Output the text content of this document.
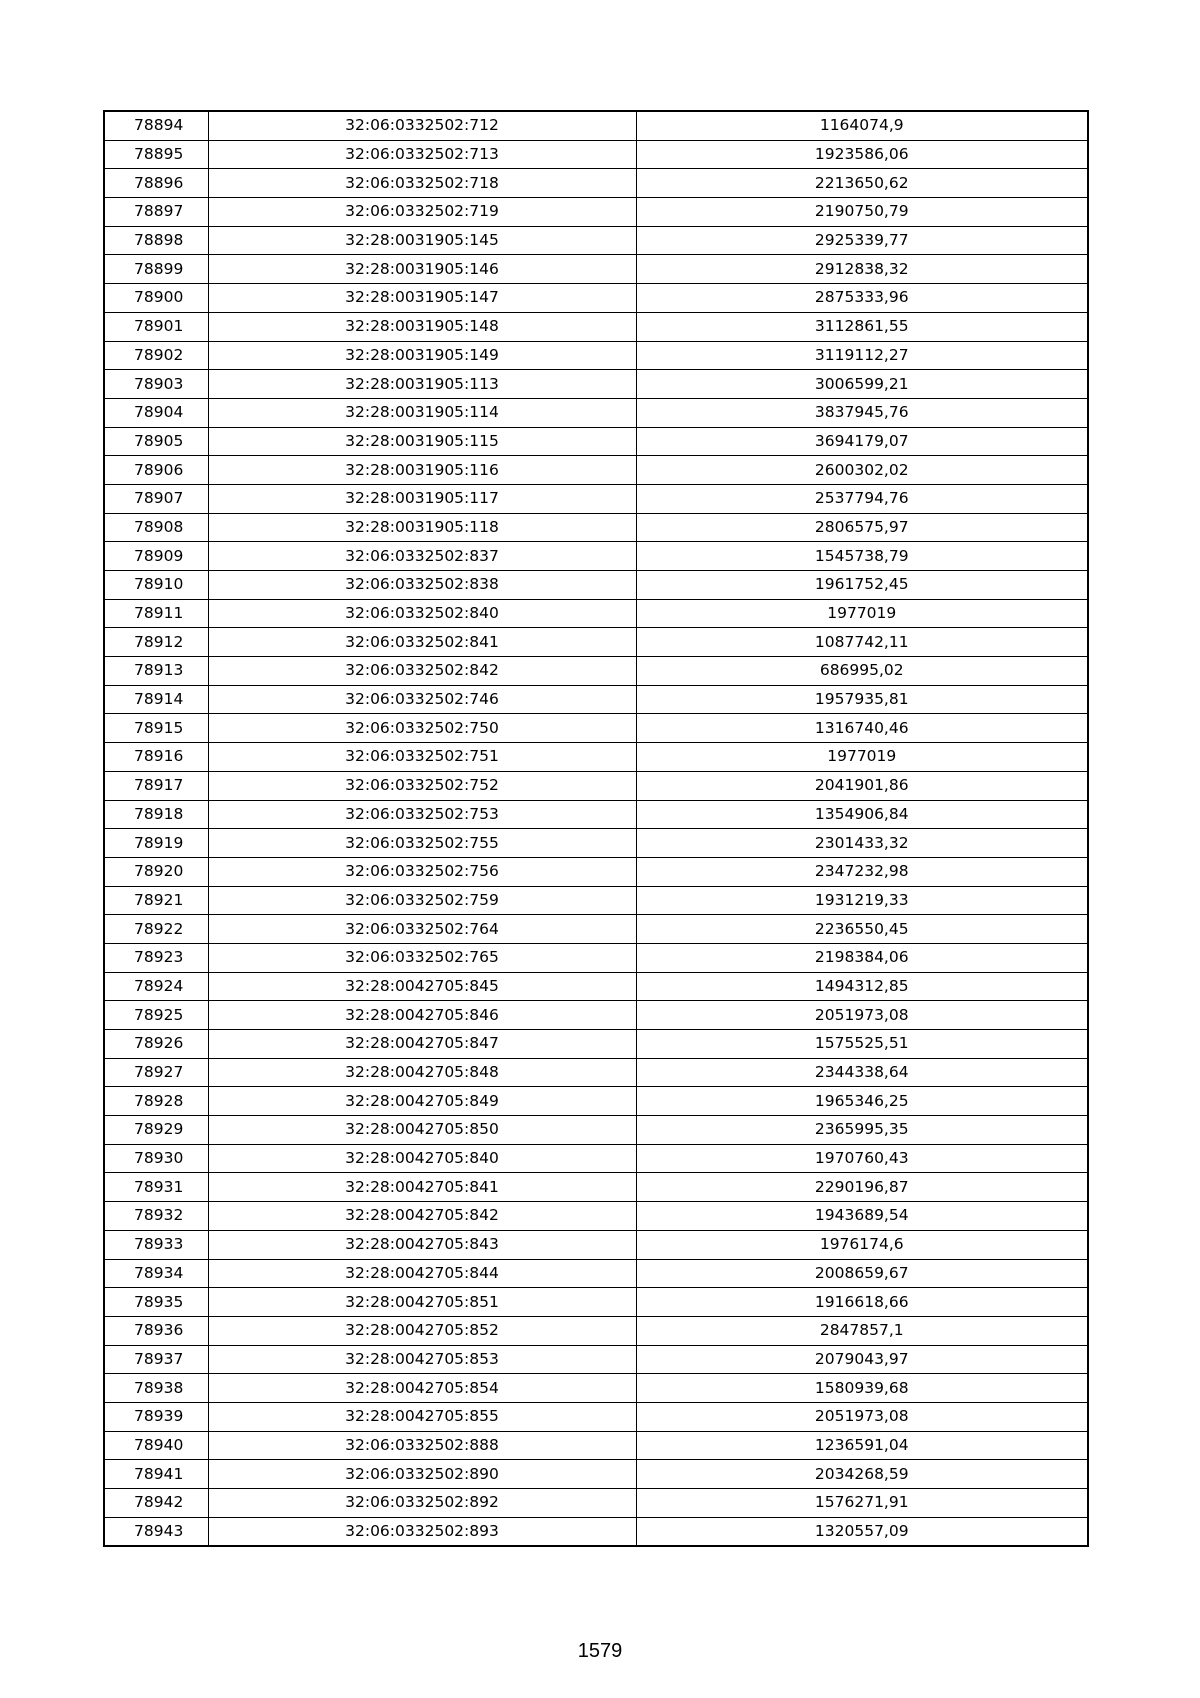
78894	32:06:0332502:712	1164074,9
78895	32:06:0332502:713	1923586,06
78896	32:06:0332502:718	2213650,62
78897	32:06:0332502:719	2190750,79
78898	32:28:0031905:145	2925339,77
78899	32:28:0031905:146	2912838,32
78900	32:28:0031905:147	2875333,96
78901	32:28:0031905:148	3112861,55
78902	32:28:0031905:149	3119112,27
78903	32:28:0031905:113	3006599,21
78904	32:28:0031905:114	3837945,76
78905	32:28:0031905:115	3694179,07
78906	32:28:0031905:116	2600302,02
78907	32:28:0031905:117	2537794,76
78908	32:28:0031905:118	2806575,97
78909	32:06:0332502:837	1545738,79
78910	32:06:0332502:838	1961752,45
78911	32:06:0332502:840	1977019
78912	32:06:0332502:841	1087742,11
78913	32:06:0332502:842	686995,02
78914	32:06:0332502:746	1957935,81
78915	32:06:0332502:750	1316740,46
78916	32:06:0332502:751	1977019
78917	32:06:0332502:752	2041901,86
78918	32:06:0332502:753	1354906,84
78919	32:06:0332502:755	2301433,32
78920	32:06:0332502:756	2347232,98
78921	32:06:0332502:759	1931219,33
78922	32:06:0332502:764	2236550,45
78923	32:06:0332502:765	2198384,06
78924	32:28:0042705:845	1494312,85
78925	32:28:0042705:846	2051973,08
78926	32:28:0042705:847	1575525,51
78927	32:28:0042705:848	2344338,64
78928	32:28:0042705:849	1965346,25
78929	32:28:0042705:850	2365995,35
78930	32:28:0042705:840	1970760,43
78931	32:28:0042705:841	2290196,87
78932	32:28:0042705:842	1943689,54
78933	32:28:0042705:843	1976174,6
78934	32:28:0042705:844	2008659,67
78935	32:28:0042705:851	1916618,66
78936	32:28:0042705:852	2847857,1
78937	32:28:0042705:853	2079043,97
78938	32:28:0042705:854	1580939,68
78939	32:28:0042705:855	2051973,08
78940	32:06:0332502:888	1236591,04
78941	32:06:0332502:890	2034268,59
78942	32:06:0332502:892	1576271,91
78943	32:06:0332502:893	1320557,09
1579
